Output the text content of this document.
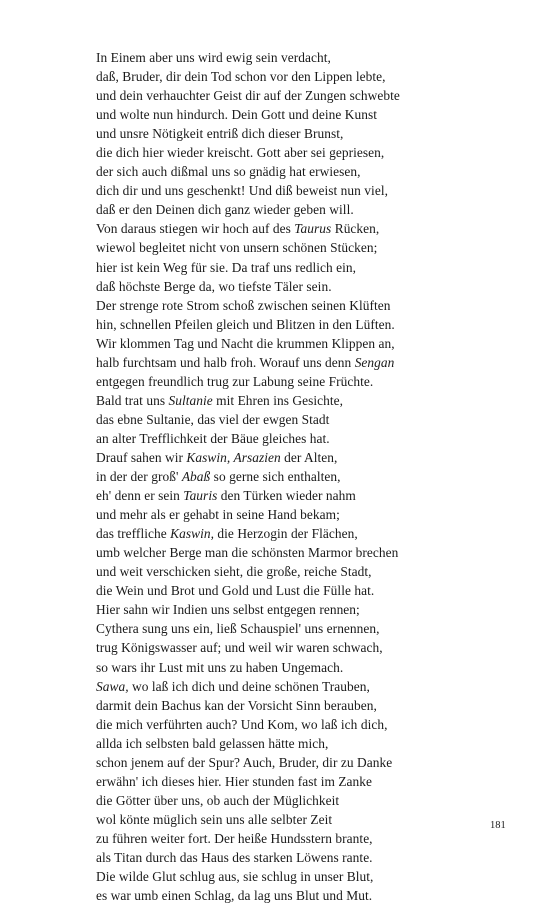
In Einem aber uns wird ewig sein verdacht,
daß, Bruder, dir dein Tod schon vor den Lippen lebte,
und dein verhauchter Geist dir auf der Zungen schwebte
und wolte nun hindurch. Dein Gott und deine Kunst
und unsre Nötigkeit entriß dich dieser Brunst,
die dich hier wieder kreischt. Gott aber sei gepriesen,
der sich auch dißmal uns so gnädig hat erwiesen,
dich dir und uns geschenkt! Und diß beweist nun viel,
daß er den Deinen dich ganz wieder geben will.
Von daraus stiegen wir hoch auf des Taurus Rücken,
wiewol begleitet nicht von unsern schönen Stücken;
hier ist kein Weg für sie. Da traf uns redlich ein,
daß höchste Berge da, wo tiefste Täler sein.
Der strenge rote Strom schoß zwischen seinen Klüften
hin, schnellen Pfeilen gleich und Blitzen in den Lüften.
Wir klommen Tag und Nacht die krummen Klippen an,
halb furchtsam und halb froh. Worauf uns denn Sengan
entgegen freundlich trug zur Labung seine Früchte.
Bald trat uns Sultanie mit Ehren ins Gesichte,
das ebne Sultanie, das viel der ewgen Stadt
an alter Trefflichkeit der Bäue gleiches hat.
Drauf sahen wir Kaswin, Arsazien der Alten,
in der der groß' Abaß so gerne sich enthalten,
eh' denn er sein Tauris den Türken wieder nahm
und mehr als er gehabt in seine Hand bekam;
das treffliche Kaswin, die Herzogin der Flächen,
umb welcher Berge man die schönsten Marmor brechen
und weit verschicken sieht, die große, reiche Stadt,
die Wein und Brot und Gold und Lust die Fülle hat.
Hier sahn wir Indien uns selbst entgegen rennen;
Cythera sung uns ein, ließ Schauspiel' uns ernennen,
trug Königswasser auf; und weil wir waren schwach,
so wars ihr Lust mit uns zu haben Ungemach.
Sawa, wo laß ich dich und deine schönen Trauben,
darmit dein Bachus kan der Vorsicht Sinn berauben,
die mich verführten auch? Und Kom, wo laß ich dich,
allda ich selbsten bald gelassen hätte mich,
schon jenem auf der Spur? Auch, Bruder, dir zu Danke
erwähn' ich dieses hier. Hier stunden fast im Zanke
die Götter über uns, ob auch der Müglichkeit
wol könte müglich sein uns alle selbter Zeit
zu führen weiter fort. Der heiße Hundsstern brante,
als Titan durch das Haus des starken Löwens rante.
Die wilde Glut schlug aus, sie schlug in unser Blut,
es war umb einen Schlag, da lag uns Blut und Mut.
181
